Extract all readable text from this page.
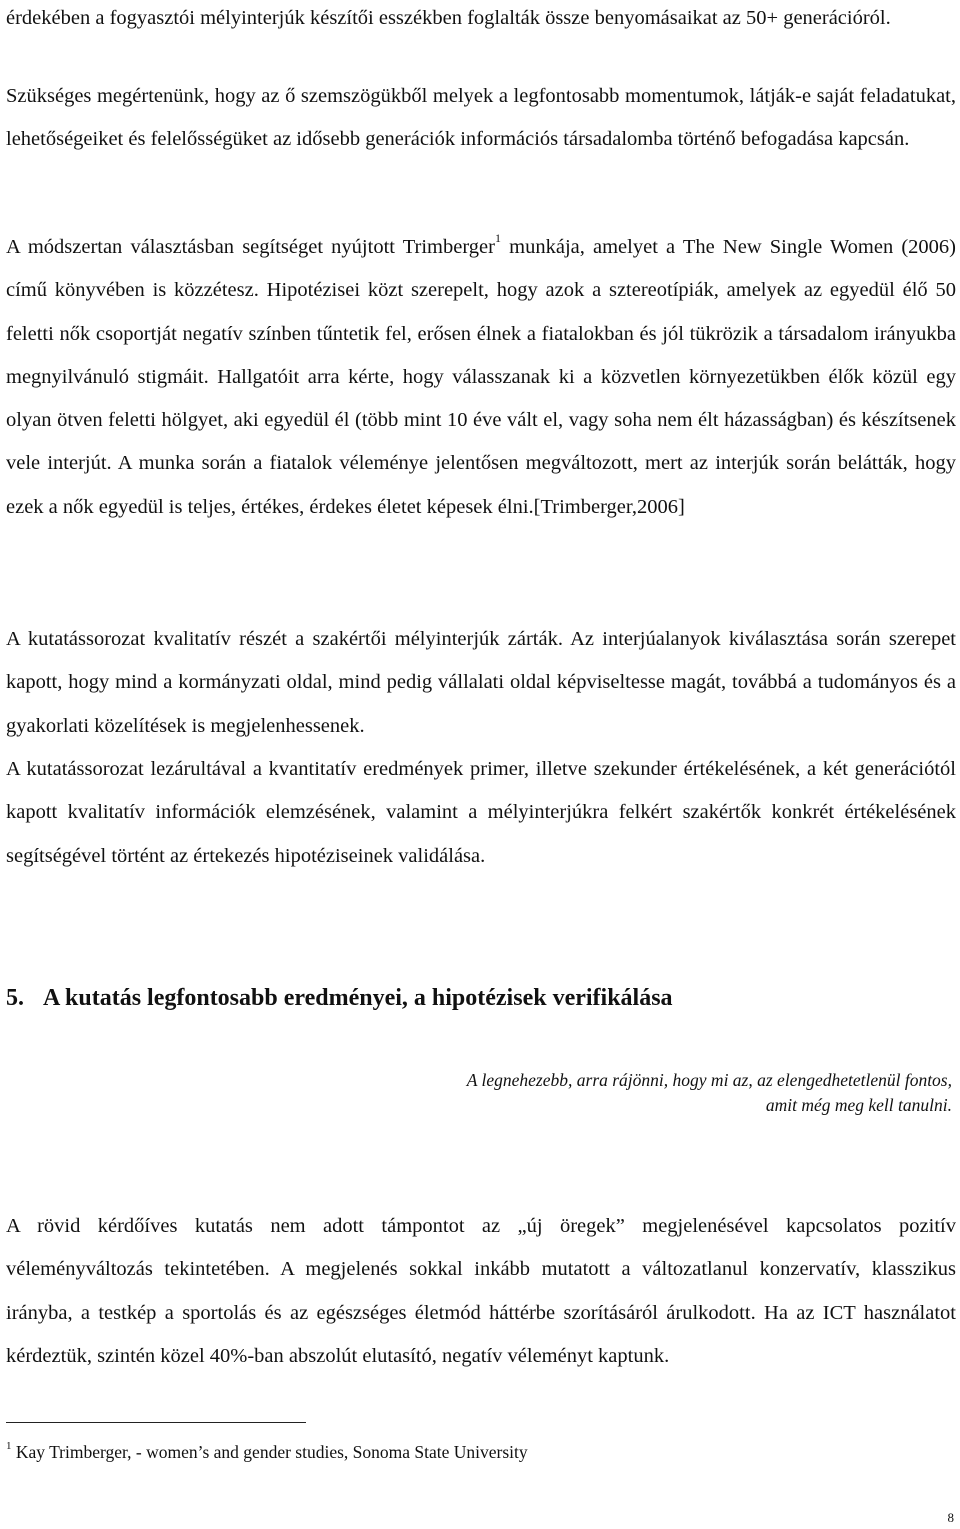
érdekében a fogyasztói mélyinterjúk készítői esszékben foglalták össze benyomásaikat az 50+ generációról.

Szükséges megértenünk, hogy az ő szemszögükből melyek a legfontosabb momentumok, látják-e saját feladatukat, lehetőségeiket és felelősségüket az idősebb generációk információs társadalomba történő befogadása kapcsán.

A módszertan választásban segítséget nyújtott Trimberger$^1$ munkája, amelyet a The New Single Women (2006) című könyvében is közzétesz. Hipotézisei közt szerepelt, hogy azok a sztereotípiák, amelyek az egyedül élő 50 feletti nők csoportját negatív színben tűntetik fel, erősen élnek a fiatalokban és jól tükrözik a társadalom irányukba megnyilvánuló stigmáit. Hallgatóit arra kérte, hogy válasszanak ki a közvetlen környezetükben élők közül egy olyan ötven feletti hölgyet, aki egyedül él (több mint 10 éve vált el, vagy soha nem élt házasságban) és készítsenek vele interjút. A munka során a fiatalok véleménye jelentősen megváltozott, mert az interjúk során belátták, hogy ezek a nők egyedül is teljes, értékes, érdekes életet képesek élni.[Trimberger,2006]

A kutatássorozat kvalitatív részét a szakértői mélyinterjúk zárták. Az interjúalanyok kiválasztása során szerepet kapott, hogy mind a kormányzati oldal, mind pedig vállalati oldal képviseltesse magát, továbbá a tudományos és a gyakorlati közelítések is megjelenhessenek.

A kutatássorozat lezárultával a kvantitatív eredmények primer, illetve szekunder értékelésének, a két generációtól kapott kvalitatív információk elemzésének, valamint a mélyinterjúkra felkért szakértők konkrét értékelésének segítségével történt az értekezés hipotéziseinek validálása.

5. A kutatás legfontosabb eredményei, a hipotézisek verifikálása

A legnehezebb, arra rájönni, hogy mi az, az elengedhetetlenül fontos,
amit még meg kell tanulni.

A rövid kérdőíves kutatás nem adott támpontot az „új öregek” megjelenésével kapcsolatos pozitív véleményváltozás tekintetében. A megjelenés sokkal inkább mutatott a változatlanul konzervatív, klasszikus irányba, a testkép a sportolás és az egészséges életmód háttérbe szorításáról árulkodott. Ha az ICT használatot kérdeztük, szintén közel 40%-ban abszolút elutasító, negatív véleményt kaptunk.

$^1$ Kay Trimberger, - women’s and gender studies, Sonoma State University

8
